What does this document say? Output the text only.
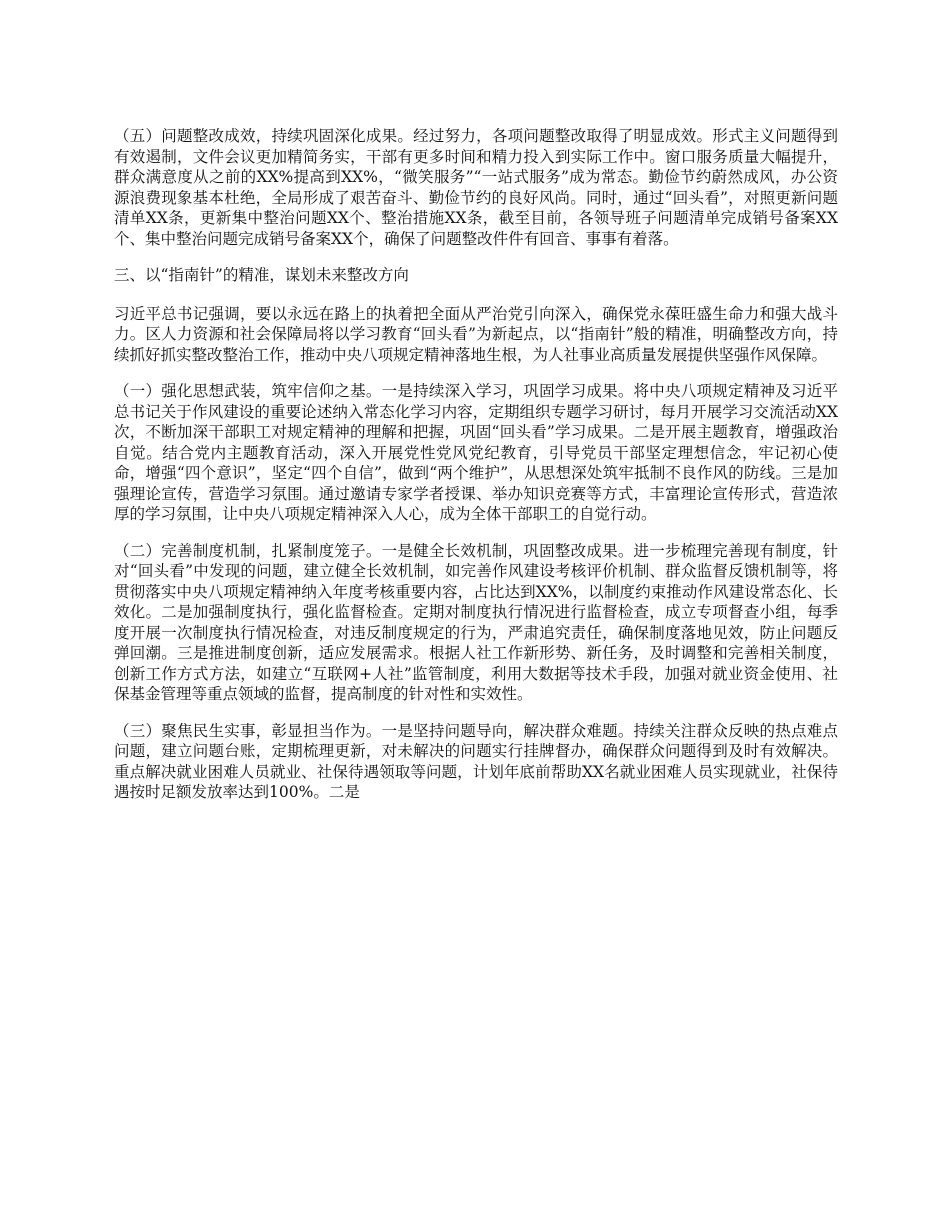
（五）问题整改成效，持续巩固深化成果。经过努力，各项问题整改取得了明显成效。形式主义问题得到有效遏制，文件会议更加精简务实，干部有更多时间和精力投入到实际工作中。窗口服务质量大幅提升，群众满意度从之前的XX%提高到XX%，“微笑服务”“一站式服务”成为常态。勤俭节约蔚然成风，办公资源浪费现象基本杜绝，全局形成了艰苦奋斗、勤俭节约的良好风尚。同时，通过“回头看”，对照更新问题清单XX条，更新集中整治问题XX个、整治措施XX条，截至目前，各领导班子问题清单完成销号备案XX个、集中整治问题完成销号备案XX个，确保了问题整改件件有回音、事事有着落。

三、以“指南针”的精准，谋划未来整改方向

习近平总书记强调，要以永远在路上的执着把全面从严治党引向深入，确保党永葆旺盛生命力和强大战斗力。区人力资源和社会保障局将以学习教育“回头看”为新起点，以“指南针”般的精准，明确整改方向，持续抓好抓实整改整治工作，推动中央八项规定精神落地生根，为人社事业高质量发展提供坚强作风保障。

（一）强化思想武装，筑牢信仰之基。一是持续深入学习，巩固学习成果。将中央八项规定精神及习近平总书记关于作风建设的重要论述纳入常态化学习内容，定期组织专题学习研讨，每月开展学习交流活动XX次，不断加深干部职工对规定精神的理解和把握，巩固“回头看”学习成果。二是开展主题教育，增强政治自觉。结合党内主题教育活动，深入开展党性党风党纪教育，引导党员干部坚定理想信念，牢记初心使命，增强“四个意识”，坚定“四个自信”，做到“两个维护”，从思想深处筑牢抵制不良作风的防线。三是加强理论宣传，营造学习氛围。通过邀请专家学者授课、举办知识竞赛等方式，丰富理论宣传形式，营造浓厚的学习氛围，让中央八项规定精神深入人心，成为全体干部职工的自觉行动。

（二）完善制度机制，扎紧制度笼子。一是健全长效机制，巩固整改成果。进一步梳理完善现有制度，针对“回头看”中发现的问题，建立健全长效机制，如完善作风建设考核评价机制、群众监督反馈机制等，将贯彻落实中央八项规定精神纳入年度考核重要内容，占比达到XX%，以制度约束推动作风建设常态化、长效化。二是加强制度执行，强化监督检查。定期对制度执行情况进行监督检查，成立专项督查小组，每季度开展一次制度执行情况检查，对违反制度规定的行为，严肃追究责任，确保制度落地见效，防止问题反弹回潮。三是推进制度创新，适应发展需求。根据人社工作新形势、新任务，及时调整和完善相关制度，创新工作方式方法，如建立“互联网+人社”监管制度，利用大数据等技术手段，加强对就业资金使用、社保基金管理等重点领域的监督，提高制度的针对性和实效性。

（三）聚焦民生实事，彰显担当作为。一是坚持问题导向，解决群众难题。持续关注群众反映的热点难点问题，建立问题台账，定期梳理更新，对未解决的问题实行挂牌督办，确保群众问题得到及时有效解决。重点解决就业困难人员就业、社保待遇领取等问题，计划年底前帮助XX名就业困难人员实现就业，社保待遇按时足额发放率达到100%。二是
